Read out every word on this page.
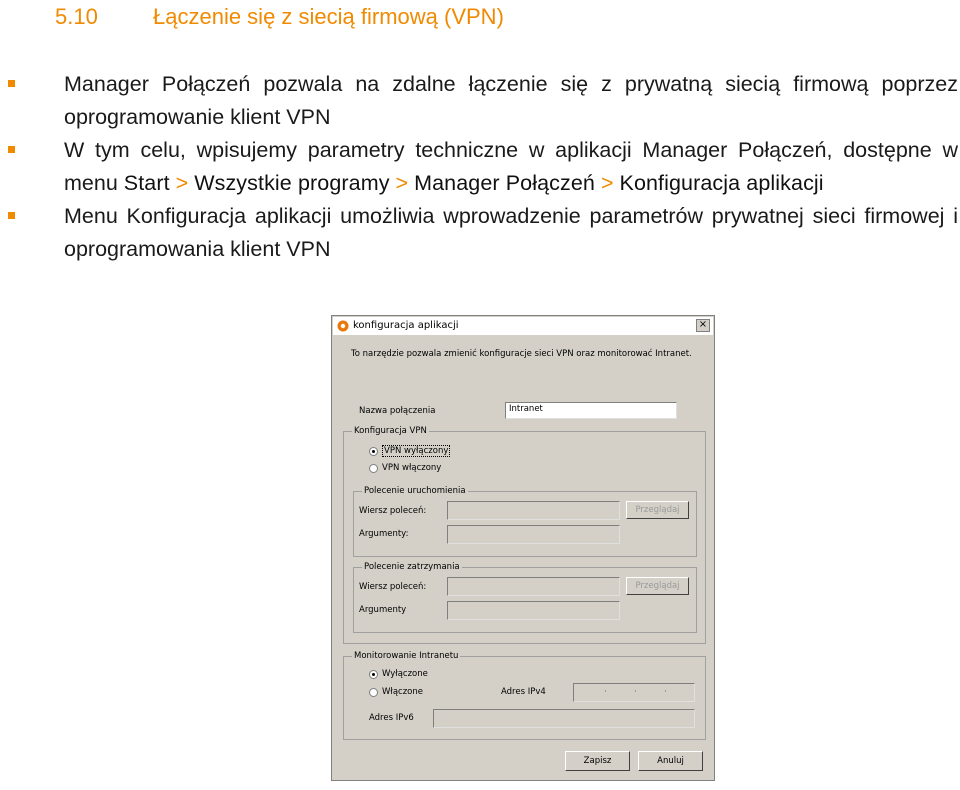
5.10	Łączenie się z siecią firmową (VPN)
Manager Połączeń pozwala na zdalne łączenie się z prywatną siecią firmową poprzez oprogramowanie klient VPN
W tym celu, wpisujemy parametry techniczne w aplikacji Manager Połączeń, dostępne w menu Start > Wszystkie programy > Manager Połączeń > Konfiguracja aplikacji
Menu Konfiguracja aplikacji umożliwia wprowadzenie parametrów prywatnej sieci firmowej i oprogramowania klient VPN
konfiguracja aplikacji	×
To narzędzie pozwala zmienić konfiguracje sieci VPN oraz monitorować Intranet.
Nazwa połączenia	Intranet
Konfiguracja VPN
VPN wyłączony
VPN włączony
Polecenie uruchomienia
Wiersz poleceń:	Przeglądaj
Argumenty:
Polecenie zatrzymania
Wiersz poleceń:	Przeglądaj
Argumenty
Monitorowanie Intranetu
Wyłączone
Włączone	Adres IPv4	·	·	·
Adres IPv6
Zapisz	Anuluj
